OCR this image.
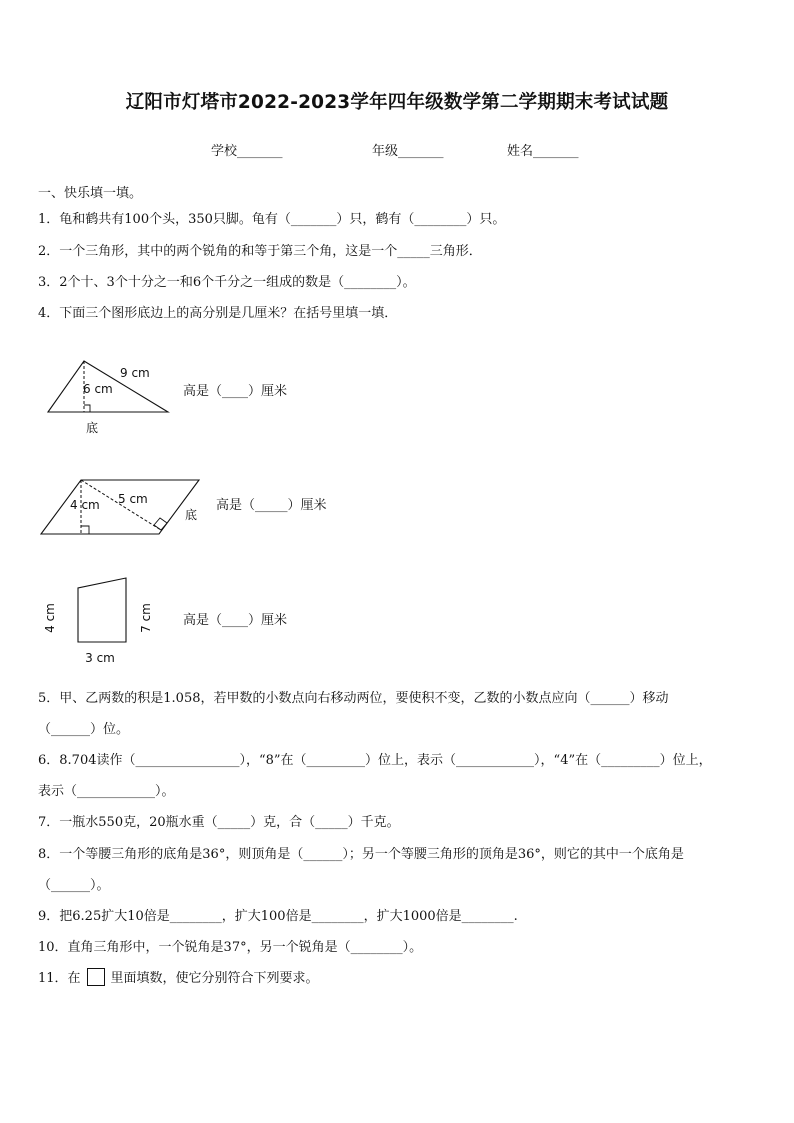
辽阳市灯塔市2022-2023学年四年级数学第二学期期末考试试题
学校_______	年级_______	姓名_______
一、快乐填一填。
1．龟和鹤共有100个头，350只脚。龟有（_______）只，鹤有（________）只。
2．一个三角形，其中的两个锐角的和等于第三个角，这是一个_____三角形．
3．2个十、3个十分之一和6个千分之一组成的数是（________）。
4．下面三个图形底边上的高分别是几厘米？在括号里填一填．
9 cm
6 cm
底
高是（____）厘米
4 cm 5 cm
底
高是（_____）厘米
4 cm	7 cm
3 cm
高是（____）厘米
5．甲、乙两数的积是1.058，若甲数的小数点向右移动两位，要使积不变，乙数的小数点应向（______）移动
（______）位。
6．8.704读作（________________），“8”在（_________）位上，表示（____________），“4”在（_________）位上，
表示（____________）。
7．一瓶水550克，20瓶水重（_____）克，合（_____）千克。
8．一个等腰三角形的底角是36°，则顶角是（______）；另一个等腰三角形的顶角是36°，则它的其中一个底角是
（______）。
9．把6.25扩大10倍是________，扩大100倍是________，扩大1000倍是________.
10．直角三角形中，一个锐角是37°，另一个锐角是（________）。
11．在 里面填数，使它分别符合下列要求。
